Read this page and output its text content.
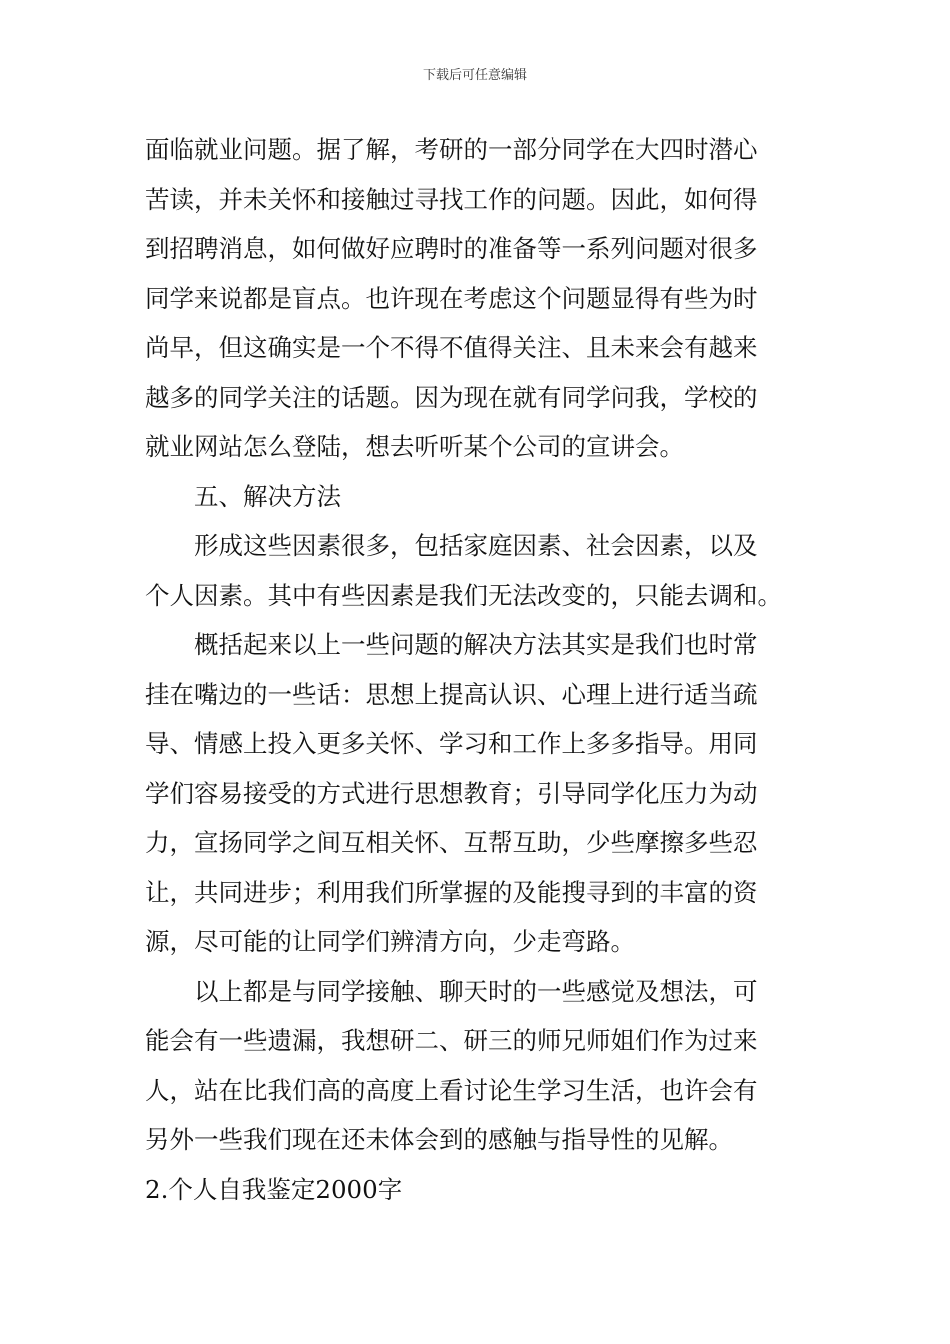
下载后可任意编辑
面临就业问题。据了解，考研的一部分同学在大四时潜心
苦读，并未关怀和接触过寻找工作的问题。因此，如何得
到招聘消息，如何做好应聘时的准备等一系列问题对很多
同学来说都是盲点。也许现在考虑这个问题显得有些为时
尚早，但这确实是一个不得不值得关注、且未来会有越来
越多的同学关注的话题。因为现在就有同学问我，学校的
就业网站怎么登陆，想去听听某个公司的宣讲会。
五、解决方法
形成这些因素很多，包括家庭因素、社会因素，以及
个人因素。其中有些因素是我们无法改变的，只能去调和。
概括起来以上一些问题的解决方法其实是我们也时常
挂在嘴边的一些话：思想上提高认识、心理上进行适当疏
导、情感上投入更多关怀、学习和工作上多多指导。用同
学们容易接受的方式进行思想教育；引导同学化压力为动
力，宣扬同学之间互相关怀、互帮互助，少些摩擦多些忍
让，共同进步；利用我们所掌握的及能搜寻到的丰富的资
源，尽可能的让同学们辨清方向，少走弯路。
以上都是与同学接触、聊天时的一些感觉及想法，可
能会有一些遗漏，我想研二、研三的师兄师姐们作为过来
人，站在比我们高的高度上看讨论生学习生活，也许会有
另外一些我们现在还未体会到的感触与指导性的见解。
2.个人自我鉴定2000字
